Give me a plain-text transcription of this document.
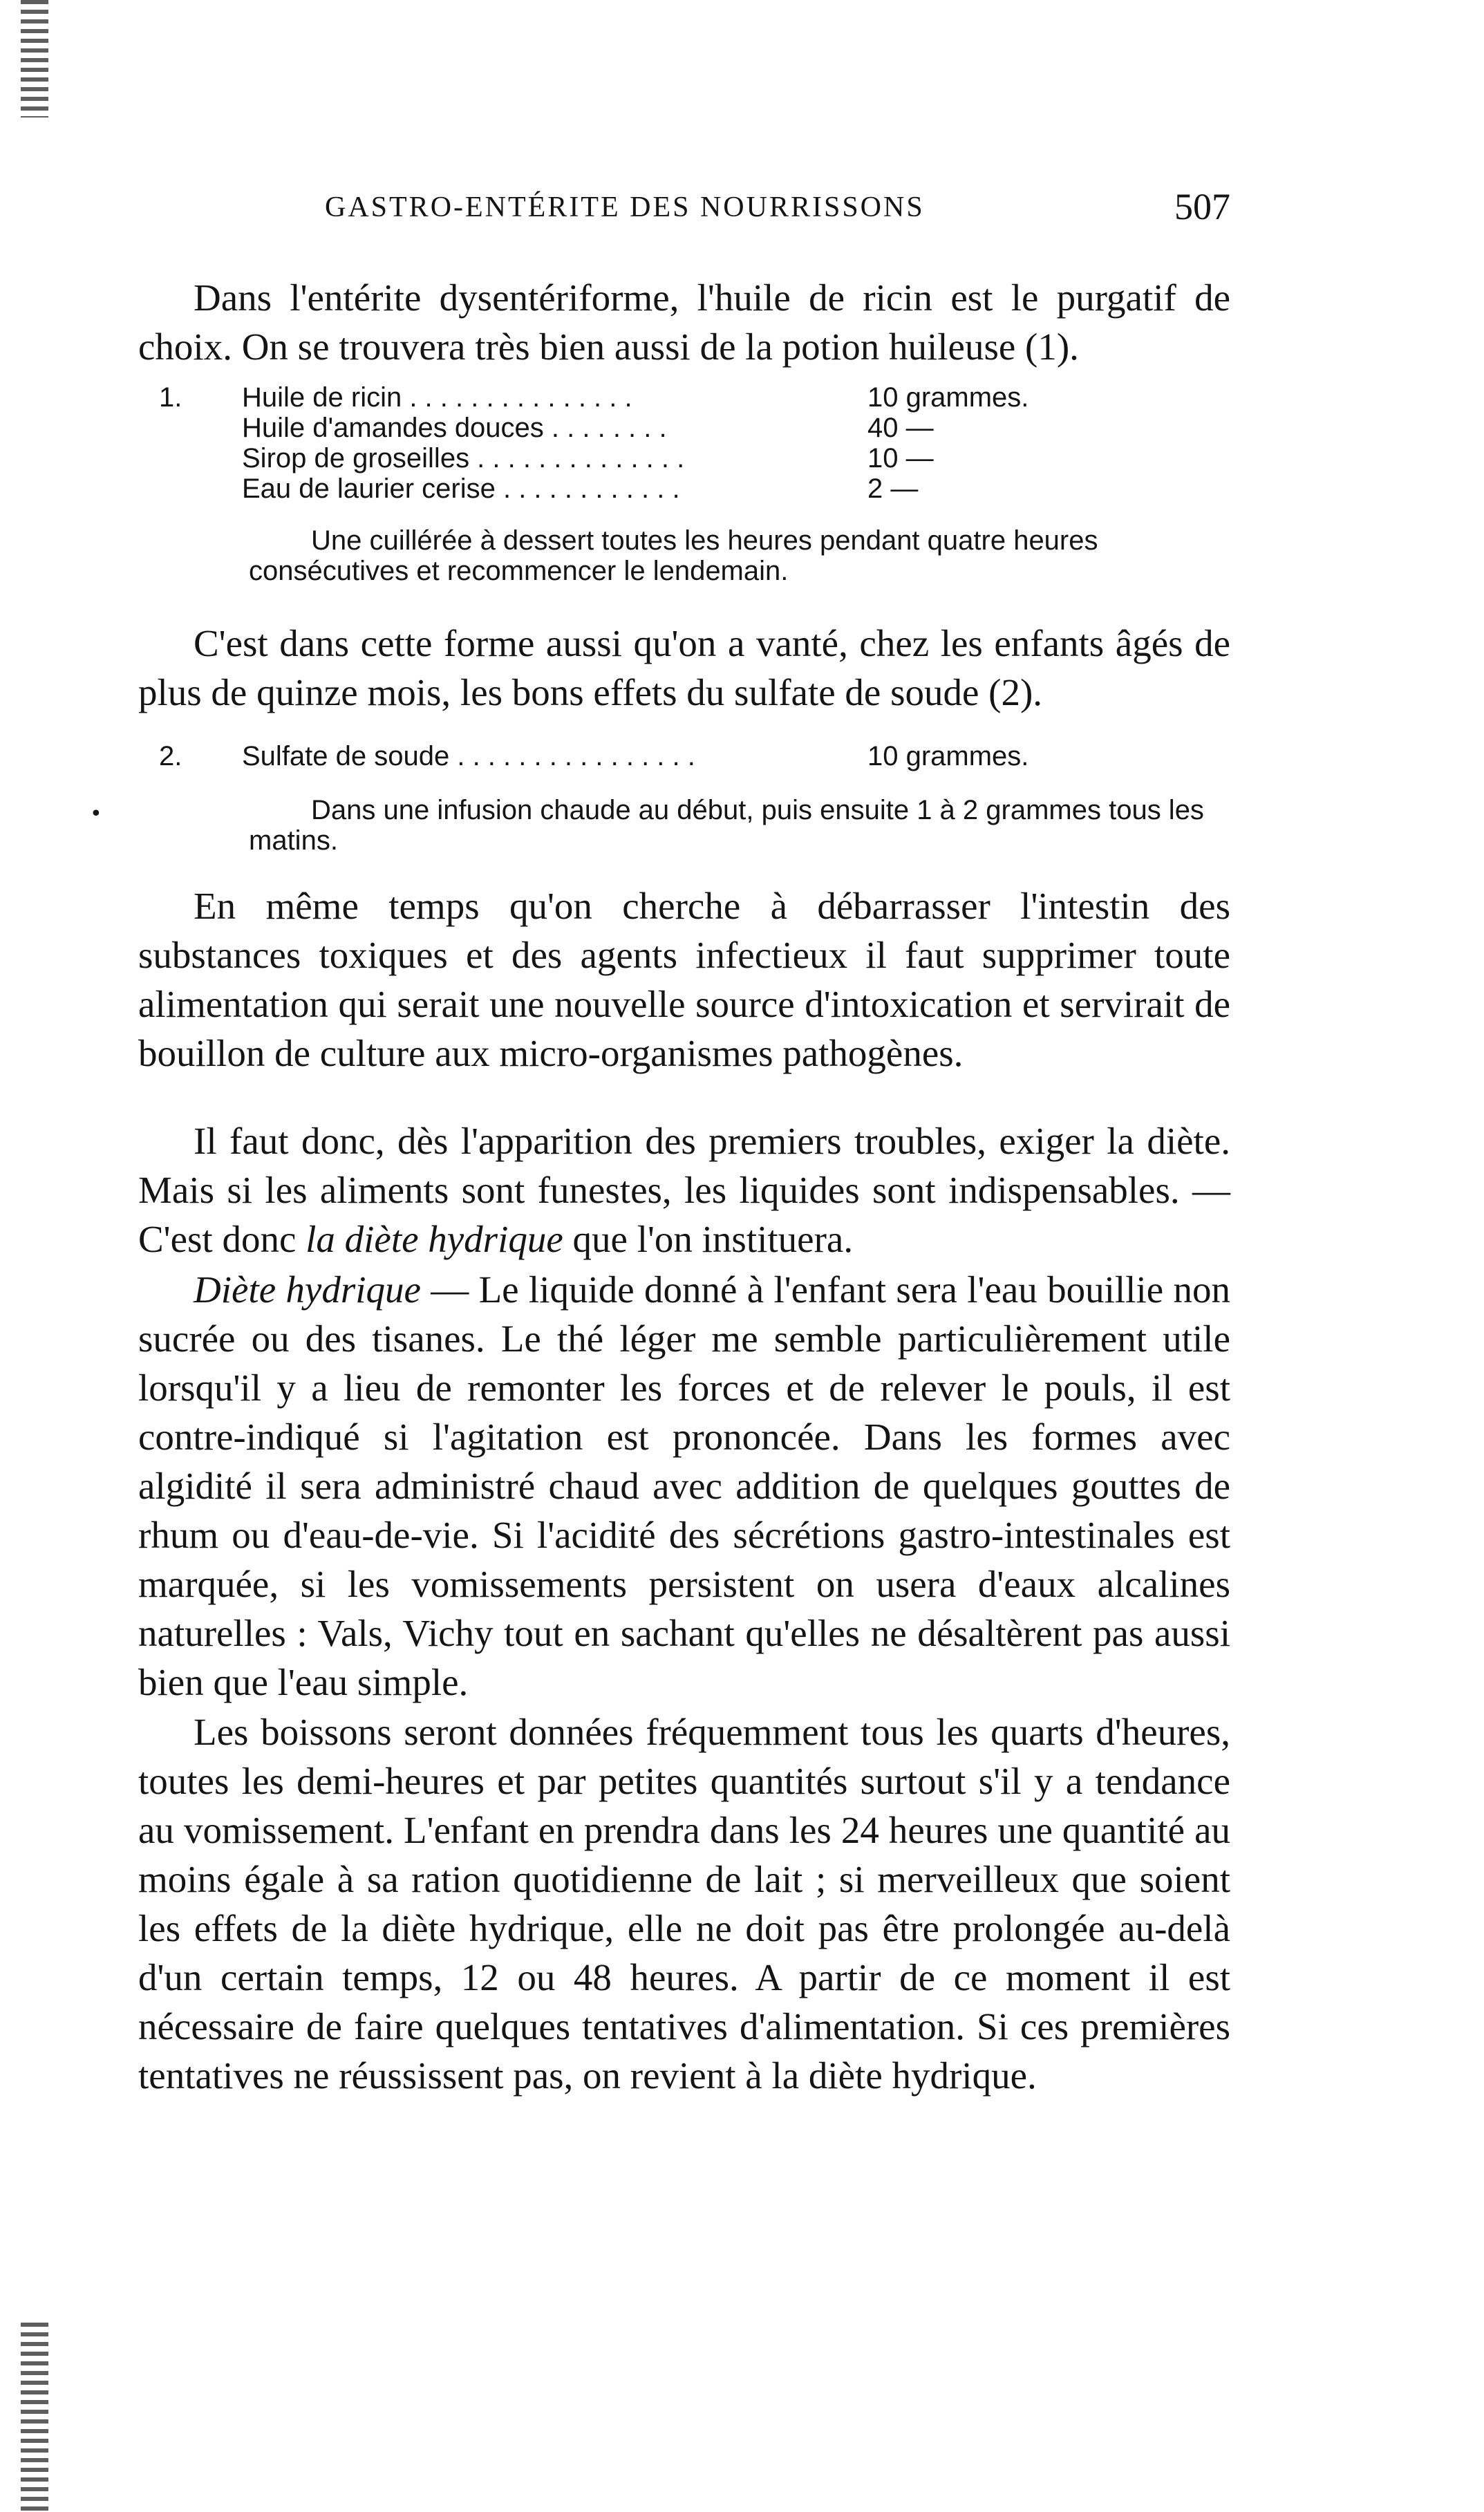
GASTRO-ENTÉRITE DES NOURRISSONS	507

Dans l'entérite dysentériforme, l'huile de ricin est le purgatif de choix. On se trouvera très bien aussi de la potion huileuse (1).

1. Huile de ricin . . . . . . . . . . . . . . .	10 grammes.
Huile d'amandes douces . . . . . . . .	40 —
Sirop de groseilles . . . . . . . . . . . . . .	10 —
Eau de laurier cerise . . . . . . . . . . . .	2 —

Une cuillérée à dessert toutes les heures pendant quatre heures consécutives et recommencer le lendemain.

C'est dans cette forme aussi qu'on a vanté, chez les enfants âgés de plus de quinze mois, les bons effets du sulfate de soude (2).

2. Sulfate de soude . . . . . . . . . . . . . . . .	10 grammes.
•	Dans une infusion chaude au début, puis ensuite 1 à 2 grammes tous les matins.

En même temps qu'on cherche à débarrasser l'intestin des substances toxiques et des agents infectieux il faut supprimer toute alimentation qui serait une nouvelle source d'intoxication et servirait de bouillon de culture aux micro-organismes pathogènes.

Il faut donc, dès l'apparition des premiers troubles, exiger la diète. Mais si les aliments sont funestes, les liquides sont indispensables. — C'est donc la diète hydrique que l'on instituera.

Diète hydrique — Le liquide donné à l'enfant sera l'eau bouillie non sucrée ou des tisanes. Le thé léger me semble particulièrement utile lorsqu'il y a lieu de remonter les forces et de relever le pouls, il est contre-indiqué si l'agitation est prononcée. Dans les formes avec algidité il sera administré chaud avec addition de quelques gouttes de rhum ou d'eau-de-vie. Si l'acidité des sécrétions gastro-intestinales est marquée, si les vomissements persistent on usera d'eaux alcalines naturelles : Vals, Vichy tout en sachant qu'elles ne désaltèrent pas aussi bien que l'eau simple.

Les boissons seront données fréquemment tous les quarts d'heures, toutes les demi-heures et par petites quantités surtout s'il y a tendance au vomissement. L'enfant en prendra dans les 24 heures une quantité au moins égale à sa ration quotidienne de lait ; si merveilleux que soient les effets de la diète hydrique, elle ne doit pas être prolongée au-delà d'un certain temps, 12 ou 48 heures. A partir de ce moment il est nécessaire de faire quelques tentatives d'alimentation. Si ces premières tentatives ne réussissent pas, on revient à la diète hydrique.
